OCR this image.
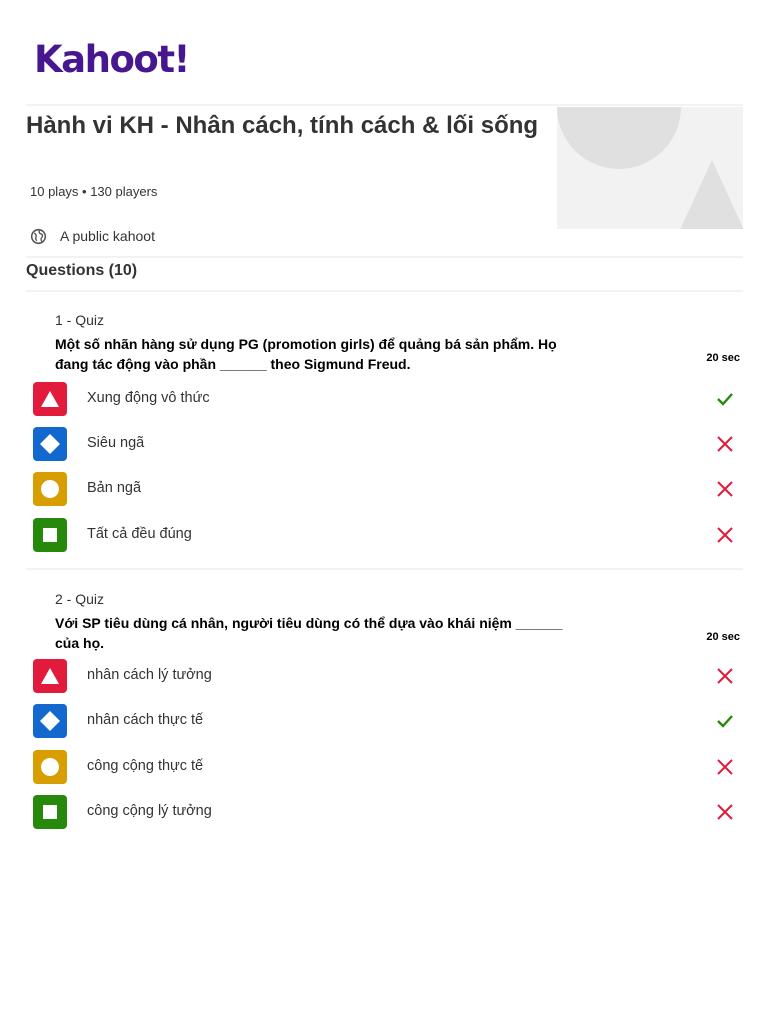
Kahoot!
Hành vi KH - Nhân cách, tính cách & lối sống
10 plays • 130 players
A public kahoot
Questions (10)
1 - Quiz
Một số nhãn hàng sử dụng PG (promotion girls) để quảng bá sản phẩm. Họ đang tác động vào phần ______ theo Sigmund Freud.	20 sec
Xung động vô thức
Siêu ngã
Bản ngã
Tất cả đều đúng
2 - Quiz
Với SP tiêu dùng cá nhân, người tiêu dùng có thể dựa vào khái niệm ______ của họ.	20 sec
nhân cách lý tưởng
nhân cách thực tế
công cộng thực tế
công cộng lý tưởng
